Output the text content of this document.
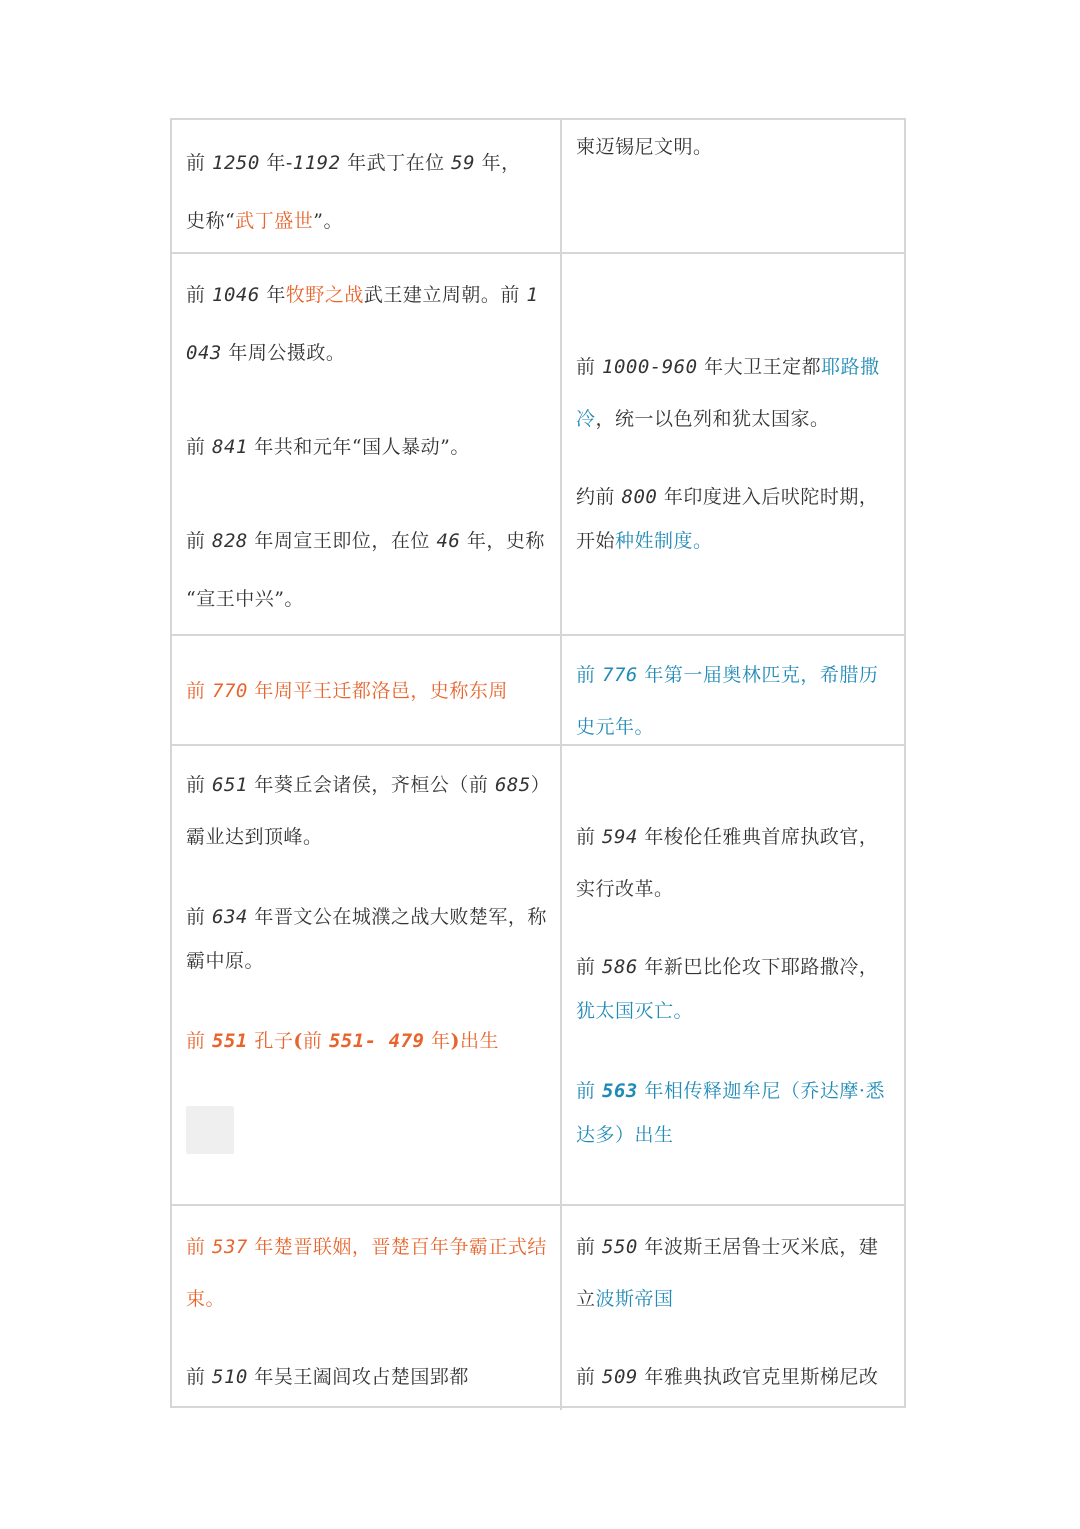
前 1250 年-1192 年武丁在位 59 年，
史称“武丁盛世”。
柬迈锡尼文明。
前 1046 年牧野之战武王建立周朝。前 1
043 年周公摄政。
前 841 年共和元年“国人暴动”。
前 828 年周宣王即位，在位 46 年，史称
“宣王中兴”。
前 1000-960 年大卫王定都耶路撒
冷，统一以色列和犹太国家。
约前 800 年印度进入后吠陀时期，
开始种姓制度。
前 770 年周平王迁都洛邑，史称东周
前 776 年第一届奥林匹克，希腊历
史元年。
前 651 年葵丘会诸侯，齐桓公（前 685）
霸业达到顶峰。
前 634 年晋文公在城濮之战大败楚军，称
霸中原。
前 551 孔子(前 551- 479 年)出生
前 594 年梭伦任雅典首席执政官，
实行改革。
前 586 年新巴比伦攻下耶路撒冷，
犹太国灭亡。
前 563 年相传释迦牟尼（乔达摩·悉
达多）出生
前 537 年楚晋联姻，晋楚百年争霸正式结
束。
前 510 年吴王阖闾攻占楚国郢都
前 550 年波斯王居鲁士灭米底，建
立波斯帝国
前 509 年雅典执政官克里斯梯尼改
